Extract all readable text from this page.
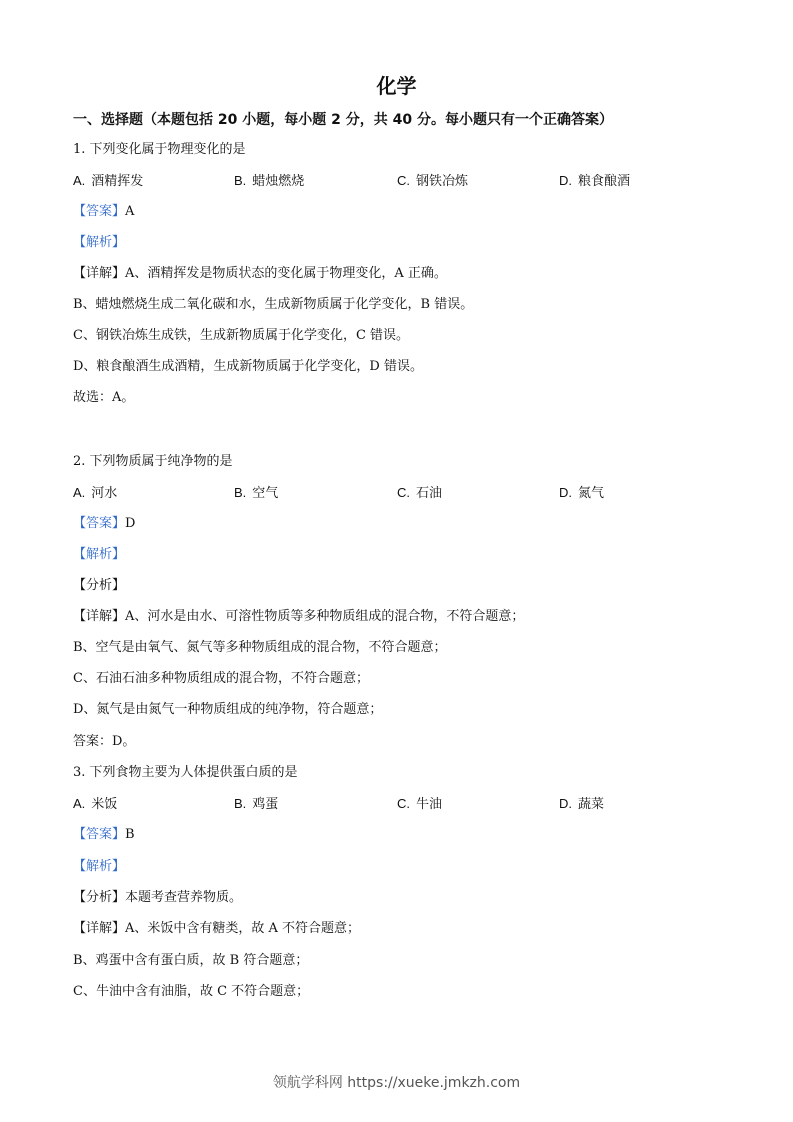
化学
一、选择题（本题包括 20 小题，每小题 2 分，共 40 分。每小题只有一个正确答案）
1. 下列变化属于物理变化的是
A. 酒精挥发	B. 蜡烛燃烧	C. 钢铁冶炼	D. 粮食酿酒
【答案】A
【解析】
【详解】A、酒精挥发是物质状态的变化属于物理变化，A 正确。
B、蜡烛燃烧生成二氧化碳和水，生成新物质属于化学变化，B 错误。
C、钢铁冶炼生成铁，生成新物质属于化学变化，C 错误。
D、粮食酿酒生成酒精，生成新物质属于化学变化，D 错误。
故选：A。
2. 下列物质属于纯净物的是
A. 河水	B. 空气	C. 石油	D. 氮气
【答案】D
【解析】
【分析】
【详解】A、河水是由水、可溶性物质等多种物质组成的混合物，不符合题意；
B、空气是由氧气、氮气等多种物质组成的混合物，不符合题意；
C、石油石油多种物质组成的混合物，不符合题意；
D、氮气是由氮气一种物质组成的纯净物，符合题意；
答案：D。
3. 下列食物主要为人体提供蛋白质的是
A. 米饭	B. 鸡蛋	C. 牛油	D. 蔬菜
【答案】B
【解析】
【分析】本题考查营养物质。
【详解】A、米饭中含有糖类，故 A 不符合题意；
B、鸡蛋中含有蛋白质，故 B 符合题意；
C、牛油中含有油脂，故 C 不符合题意；
领航学科网 https://xueke.jmkzh.com
